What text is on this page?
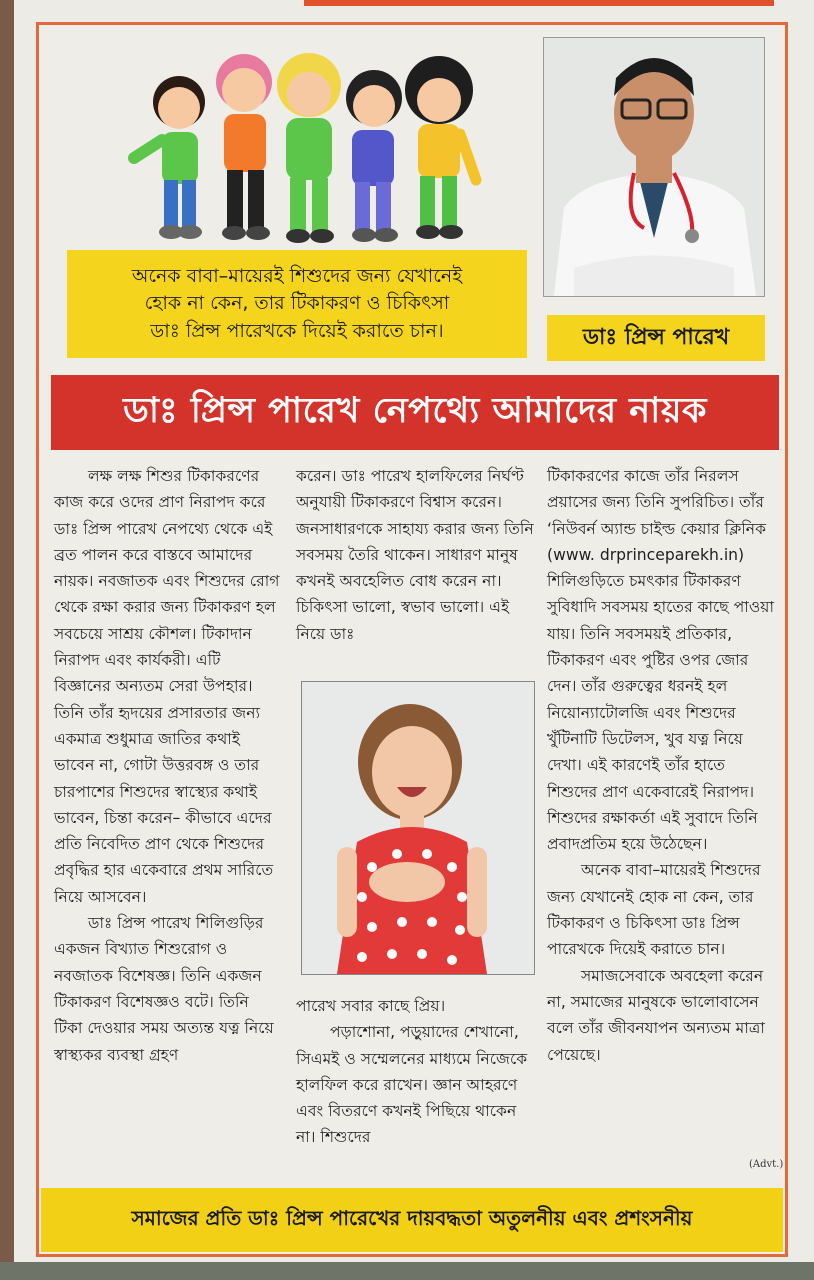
অনেক বাবা–মায়েরই শিশুদের জন্য যেখানেই
হোক না কেন, তার টিকাকরণ ও চিকিৎসা
ডাঃ প্রিন্স পারেখকে দিয়েই করাতে চান।	ডাঃ প্রিন্স পারেখ
ডাঃ প্রিন্স পারেখ নেপথ্যে আমাদের নায়ক

লক্ষ লক্ষ শিশুর টিকাকরণের কাজ করে ওদের প্রাণ নিরাপদ করে ডাঃ প্রিন্স পারেখ নেপথ্যে থেকে এই ব্রত পালন করে বাস্তবে আমাদের নায়ক। নবজাতক এবং শিশুদের রোগ থেকে রক্ষা করার জন্য টিকাকরণ হল সবচেয়ে সাশ্রয় কৌশল। টিকাদান নিরাপদ এবং কার্যকরী। এটি বিজ্ঞানের অন্যতম সেরা উপহার। তিনি তাঁর হৃদয়ের প্রসারতার জন্য একমাত্র শুধুমাত্র জাতির কথাই ভাবেন না, গোটা উত্তরবঙ্গ ও তার চারপাশের শিশুদের স্বাস্থ্যের কথাই ভাবেন, চিন্তা করেন– কীভাবে এদের প্রতি নিবেদিত প্রাণ থেকে শিশুদের প্রবৃদ্ধির হার একেবারে প্রথম সারিতে নিয়ে আসবেন।

ডাঃ প্রিন্স পারেখ শিলিগুড়ির একজন বিখ্যাত শিশুরোগ ও নবজাতক বিশেষজ্ঞ। তিনি একজন টিকাকরণ বিশেষজ্ঞও বটে। তিনি টিকা দেওয়ার সময় অত্যন্ত যত্ন নিয়ে স্বাস্থ্যকর ব্যবস্থা গ্রহণ

করেন। ডাঃ পারেখ হালফিলের নির্ঘণ্ট অনুযায়ী টিকাকরণে বিশ্বাস করেন। জনসাধারণকে সাহায্য করার জন্য তিনি সবসময় তৈরি থাকেন। সাধারণ মানুষ কখনই অবহেলিত বোধ করেন না। চিকিৎসা ভালো, স্বভাব ভালো। এই নিয়ে ডাঃ

পারেখ সবার কাছে প্রিয়।

পড়াশোনা, পড়ুয়াদের শেখানো, সিএমই ও সম্মেলনের মাধ্যমে নিজেকে হালফিল করে রাখেন। জ্ঞান আহরণে এবং বিতরণে কখনই পিছিয়ে থাকেন না। শিশুদের

টিকাকরণের কাজে তাঁর নিরলস প্রয়াসের জন্য তিনি সুপরিচিত। তাঁর ‘নিউবর্ন অ্যান্ড চাইল্ড কেয়ার ক্লিনিক (www. drprinceparekh.in) শিলিগুড়িতে চমৎকার টিকাকরণ সুবিধাদি সবসময় হাতের কাছে পাওয়া যায়। তিনি সবসময়ই প্রতিকার, টিকাকরণ এবং পুষ্টির ওপর জোর দেন। তাঁর গুরুত্বের ধরনই হল নিয়োন্যাটোলজি এবং শিশুদের খুঁটিনাটি ডিটেলস, খুব যত্ন নিয়ে দেখা। এই কারণেই তাঁর হাতে শিশুদের প্রাণ একেবারেই নিরাপদ। শিশুদের রক্ষাকর্তা এই সুবাদে তিনি প্রবাদপ্রতিম হয়ে উঠেছেন।

অনেক বাবা–মায়েরই শিশুদের জন্য যেখানেই হোক না কেন, তার টিকাকরণ ও চিকিৎসা ডাঃ প্রিন্স পারেখকে দিয়েই করাতে চান।

সমাজসেবাকে অবহেলা করেন না, সমাজের মানুষকে ভালোবাসেন বলে তাঁর জীবনযাপন অন্যতম মাত্রা পেয়েছে।

(Advt.)
সমাজের প্রতি ডাঃ প্রিন্স পারেখের দায়বদ্ধতা অতুলনীয় এবং প্রশংসনীয়
